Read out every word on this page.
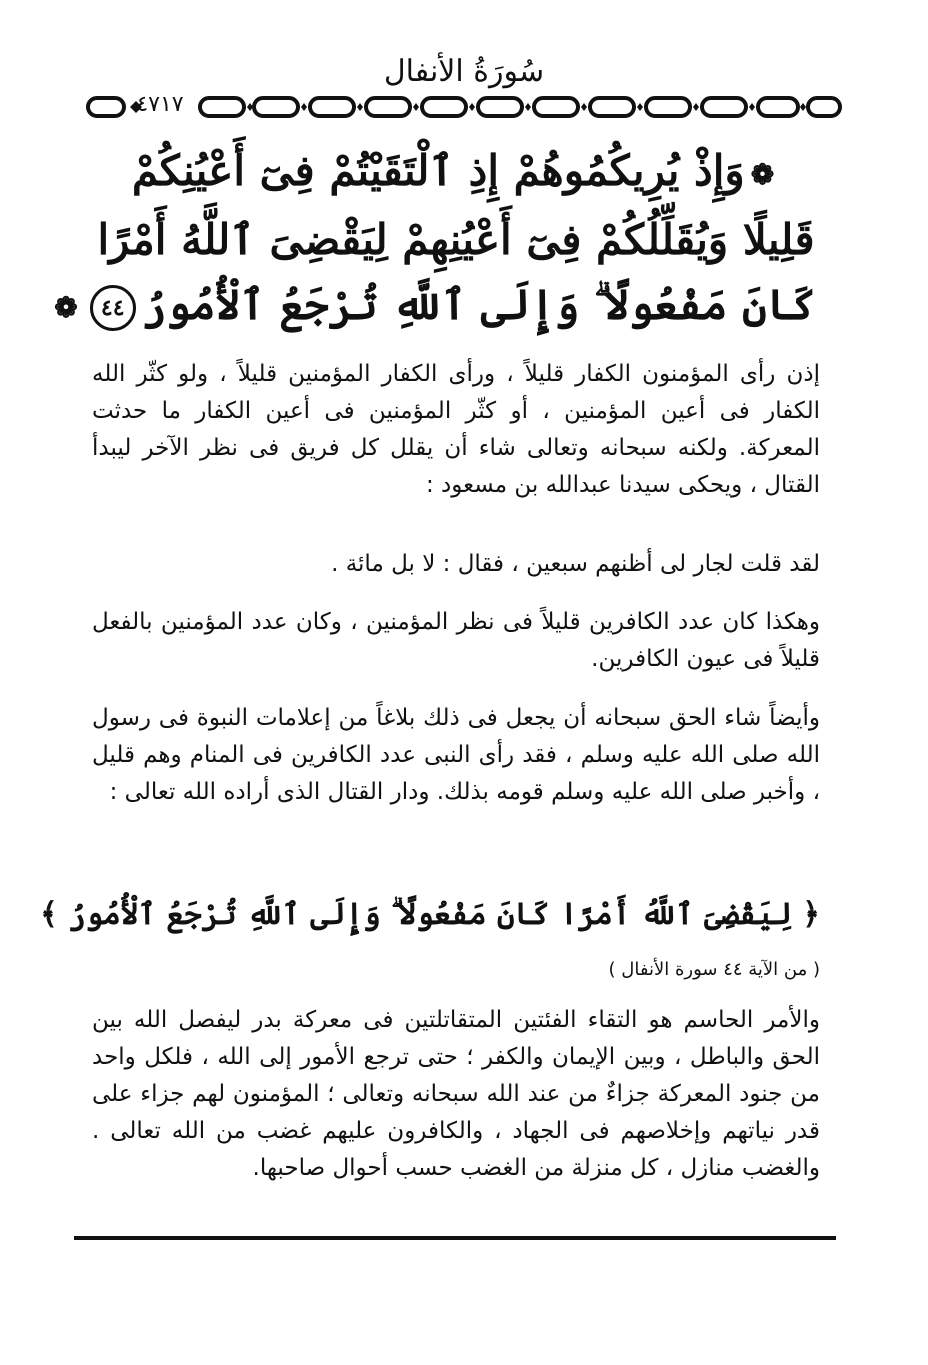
سُورَةُ الأنفال
٤٧١٧
❁وَإِذْ يُرِيكُمُوهُمْ إِذِ ٱلْتَقَيْتُمْ فِىٓ أَعْيُنِكُمْ
قَلِيلًا وَيُقَلِّلُكُمْ فِىٓ أَعْيُنِهِمْ لِيَقْضِىَ ٱللَّهُ أَمْرًا
كَانَ مَفْعُولًا ۗ وَإِلَى ٱللَّهِ تُرْجَعُ ٱلْأُمُورُ٤٤❁
إذن رأى المؤمنون الكفار قليلاً ، ورأى الكفار المؤمنين قليلاً ، ولو كثّر الله الكفار فى أعين المؤمنين ، أو كثّر المؤمنين فى أعين الكفار ما حدثت المعركة. ولكنه سبحانه وتعالى شاء أن يقلل كل فريق فى نظر الآخر ليبدأ القتال ، ويحكى سيدنا عبدالله بن مسعود :
لقد قلت لجار لى أظنهم سبعين ، فقال : لا بل مائة .
وهكذا كان عدد الكافرين قليلاً فى نظر المؤمنين ، وكان عدد المؤمنين بالفعل قليلاً فى عيون الكافرين.
وأيضاً شاء الحق سبحانه أن يجعل فى ذلك بلاغاً من إعلامات النبوة فى رسول الله صلى الله عليه وسلم ، فقد رأى النبى عدد الكافرين فى المنام وهم قليل ، وأخبر صلى الله عليه وسلم قومه بذلك. ودار القتال الذى أراده الله تعالى :
﴿ لِيَقْضِىَ ٱللَّهُ أَمْرًا كَانَ مَفْعُولًا ۗ وَإِلَى ٱللَّهِ تُرْجَعُ ٱلْأُمُورُ ﴾
( من الآية ٤٤ سورة الأنفال )
والأمر الحاسم هو التقاء الفئتين المتقاتلتين فى معركة بدر ليفصل الله بين الحق والباطل ، وبين الإيمان والكفر ؛ حتى ترجع الأمور إلى الله ، فلكل واحد من جنود المعركة جزاءٌ من عند الله سبحانه وتعالى ؛ المؤمنون لهم جزاء على قدر نياتهم وإخلاصهم فى الجهاد ، والكافرون عليهم غضب من الله تعالى . والغضب منازل ، كل منزلة من الغضب حسب أحوال صاحبها.
